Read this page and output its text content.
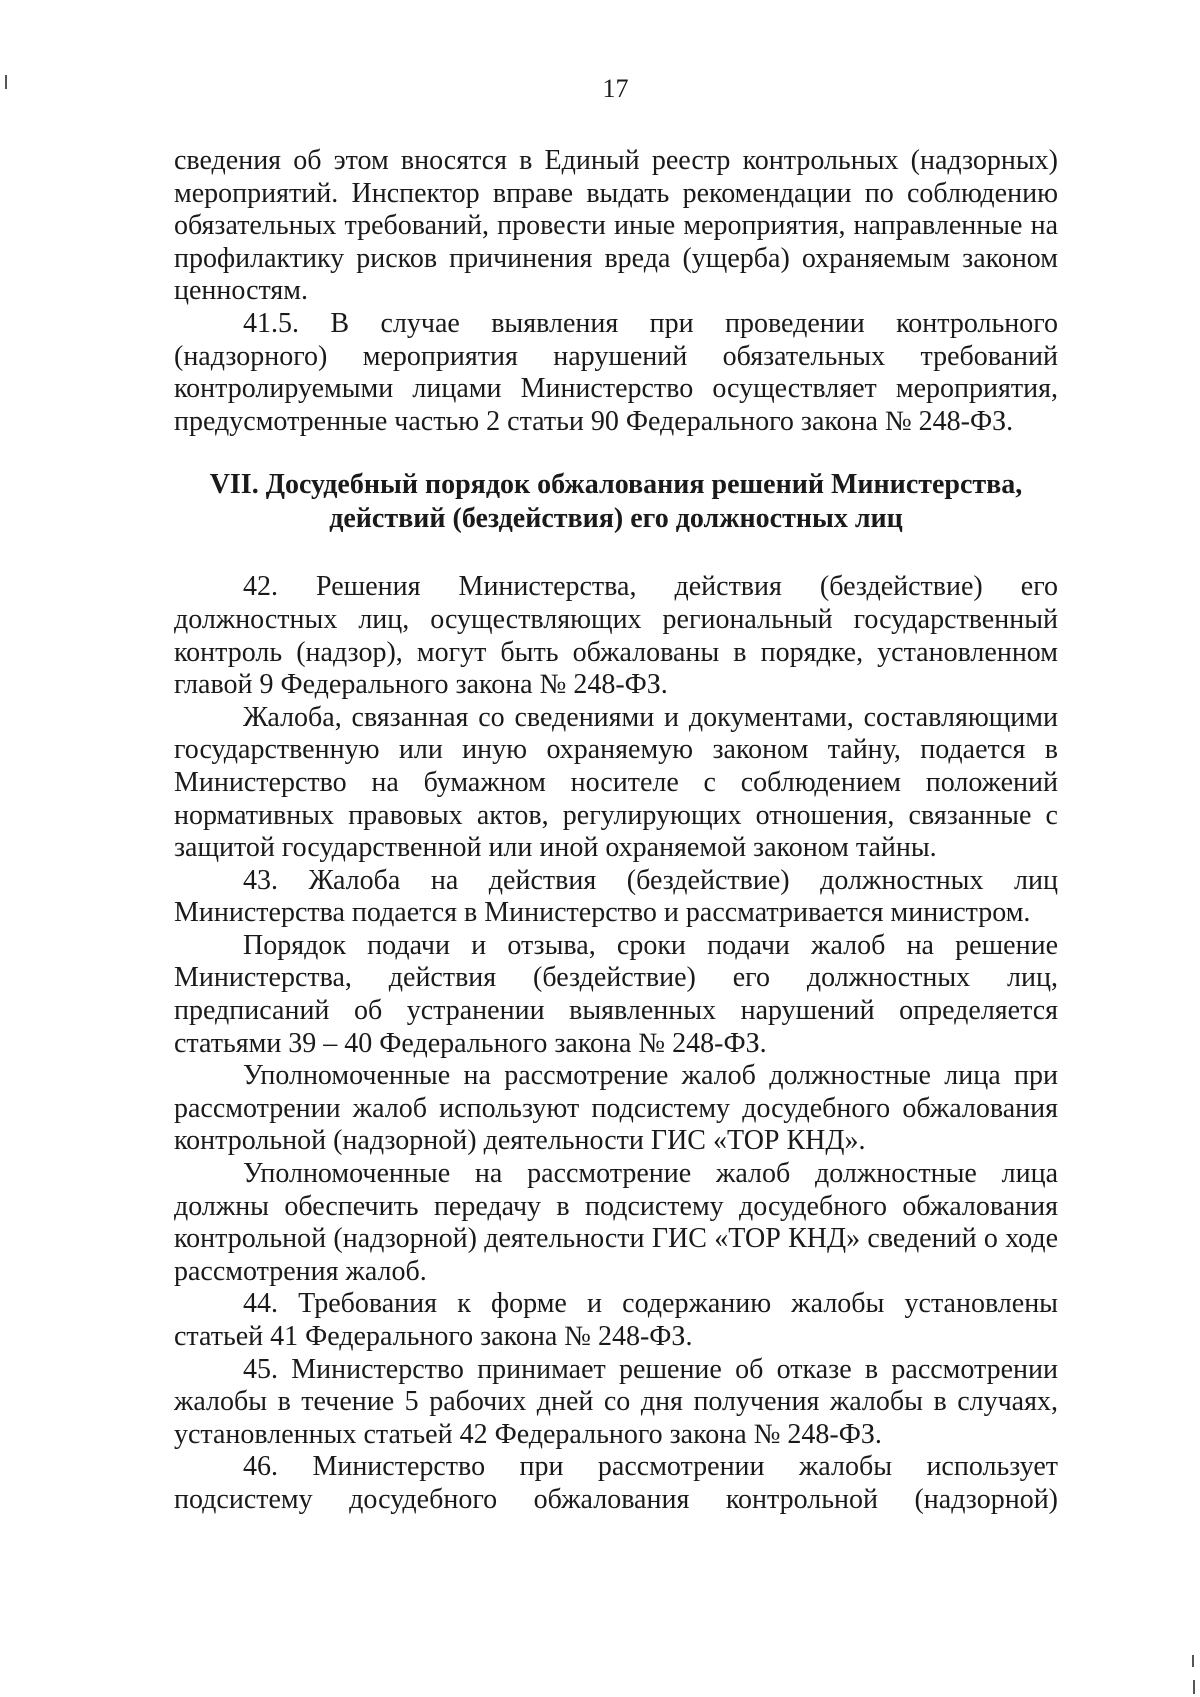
17

сведения об этом вносятся в Единый реестр контрольных (надзорных) мероприятий. Инспектор вправе выдать рекомендации по соблюдению обязательных требований, провести иные мероприятия, направленные на профилактику рисков причинения вреда (ущерба) охраняемым законом ценностям.

41.5. В случае выявления при проведении контрольного (надзорного) мероприятия нарушений обязательных требований контролируемыми лицами Министерство осуществляет мероприятия, предусмотренные частью 2 статьи 90 Федерального закона № 248-ФЗ.

VII. Досудебный порядок обжалования решений Министерства,
действий (бездействия) его должностных лиц

42. Решения Министерства, действия (бездействие) его должностных лиц, осуществляющих региональный государственный контроль (надзор), могут быть обжалованы в порядке, установленном главой 9 Федерального закона № 248-ФЗ.

Жалоба, связанная со сведениями и документами, составляющими государственную или иную охраняемую законом тайну, подается в Министерство на бумажном носителе с соблюдением положений нормативных правовых актов, регулирующих отношения, связанные с защитой государственной или иной охраняемой законом тайны.

43. Жалоба на действия (бездействие) должностных лиц Министерства подается в Министерство и рассматривается министром.

Порядок подачи и отзыва, сроки подачи жалоб на решение Министерства, действия (бездействие) его должностных лиц, предписаний об устранении выявленных нарушений определяется статьями 39 – 40 Федерального закона № 248-ФЗ.

Уполномоченные на рассмотрение жалоб должностные лица при рассмотрении жалоб используют подсистему досудебного обжалования контрольной (надзорной) деятельности ГИС «ТОР КНД».

Уполномоченные на рассмотрение жалоб должностные лица должны обеспечить передачу в подсистему досудебного обжалования контрольной (надзорной) деятельности ГИС «ТОР КНД» сведений о ходе рассмотрения жалоб.

44. Требования к форме и содержанию жалобы установлены статьей 41 Федерального закона № 248-ФЗ.

45. Министерство принимает решение об отказе в рассмотрении жалобы в течение 5 рабочих дней со дня получения жалобы в случаях, установленных статьей 42 Федерального закона № 248-ФЗ.

46. Министерство при рассмотрении жалобы использует подсистему досудебного обжалования контрольной (надзорной)
